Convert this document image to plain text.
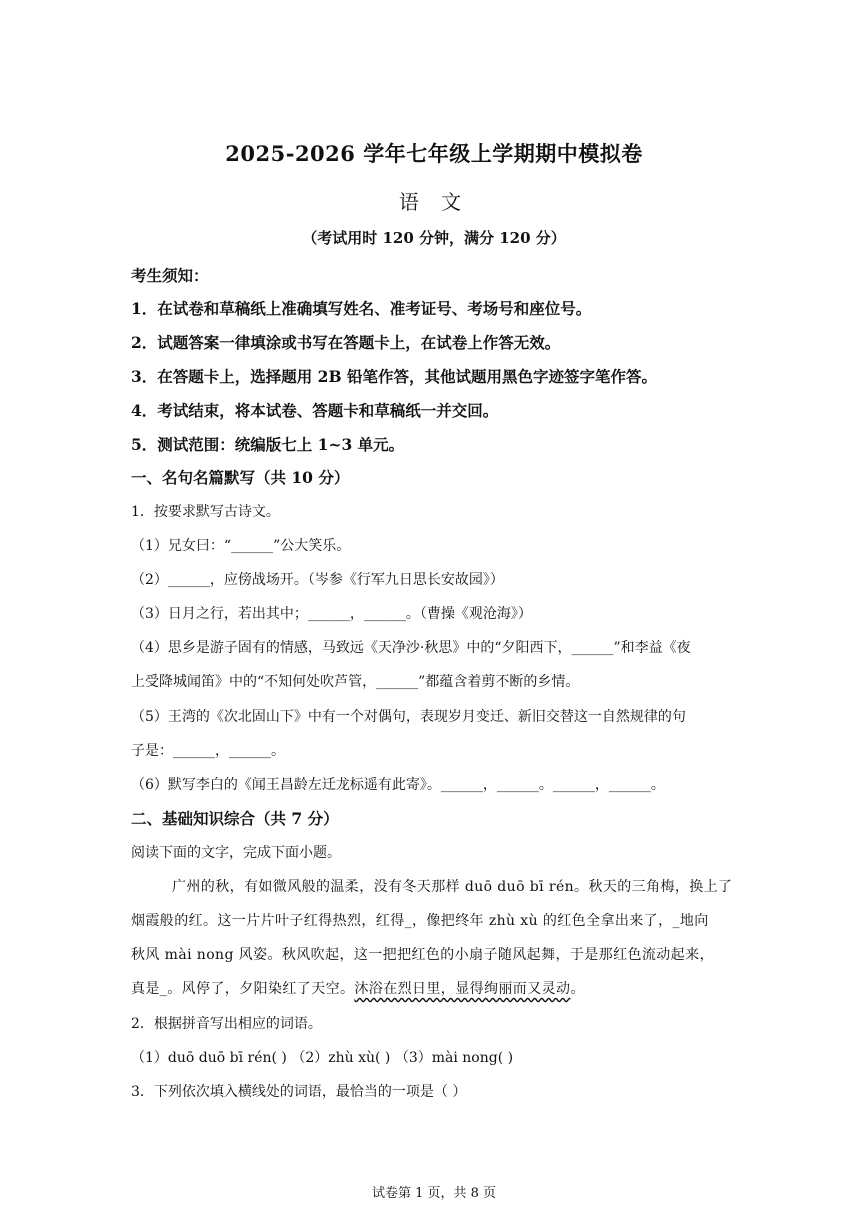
2025-2026 学年七年级上学期期中模拟卷
语 文
（考试用时 120 分钟，满分 120 分）
考生须知：
1．在试卷和草稿纸上准确填写姓名、准考证号、考场号和座位号。
2．试题答案一律填涂或书写在答题卡上，在试卷上作答无效。
3．在答题卡上，选择题用 2B 铅笔作答，其他试题用黑色字迹签字笔作答。
4．考试结束，将本试卷、答题卡和草稿纸一并交回。
5．测试范围：统编版七上 1~3 单元。
一、名句名篇默写（共 10 分）
1．按要求默写古诗文。
（1）兄女曰：“______”公大笑乐。
（2）______，应傍战场开。（岑参《行军九日思长安故园》）
（3）日月之行，若出其中；______，______。（曹操《观沧海》）
（4）思乡是游子固有的情感，马致远《天净沙·秋思》中的“夕阳西下，______”和李益《夜
上受降城闻笛》中的“不知何处吹芦管，______”都蕴含着剪不断的乡情。
（5）王湾的《次北固山下》中有一个对偶句，表现岁月变迁、新旧交替这一自然规律的句
子是：______，______。
（6）默写李白的《闻王昌龄左迁龙标遥有此寄》。______，______。______，______。
二、基础知识综合（共 7 分）
阅读下面的文字，完成下面小题。
广州的秋，有如微风般的温柔，没有冬天那样 duō duō bī rén。秋天的三角梅，换上了
烟霞般的红。这一片片叶子红得热烈，红得_，像把终年 zhù xù 的红色全拿出来了，_地向
秋风 mài nong 风姿。秋风吹起，这一把把红色的小扇子随风起舞，于是那红色流动起来，
真是_。风停了，夕阳染红了天空。沐浴在烈日里，显得绚丽而又灵动。
2．根据拼音写出相应的词语。
（1）duō duō bī rén( ) （2）zhù xù( ) （3）mài nong( )
3．下列依次填入横线处的词语，最恰当的一项是（ ）
试卷第 1 页，共 8 页
